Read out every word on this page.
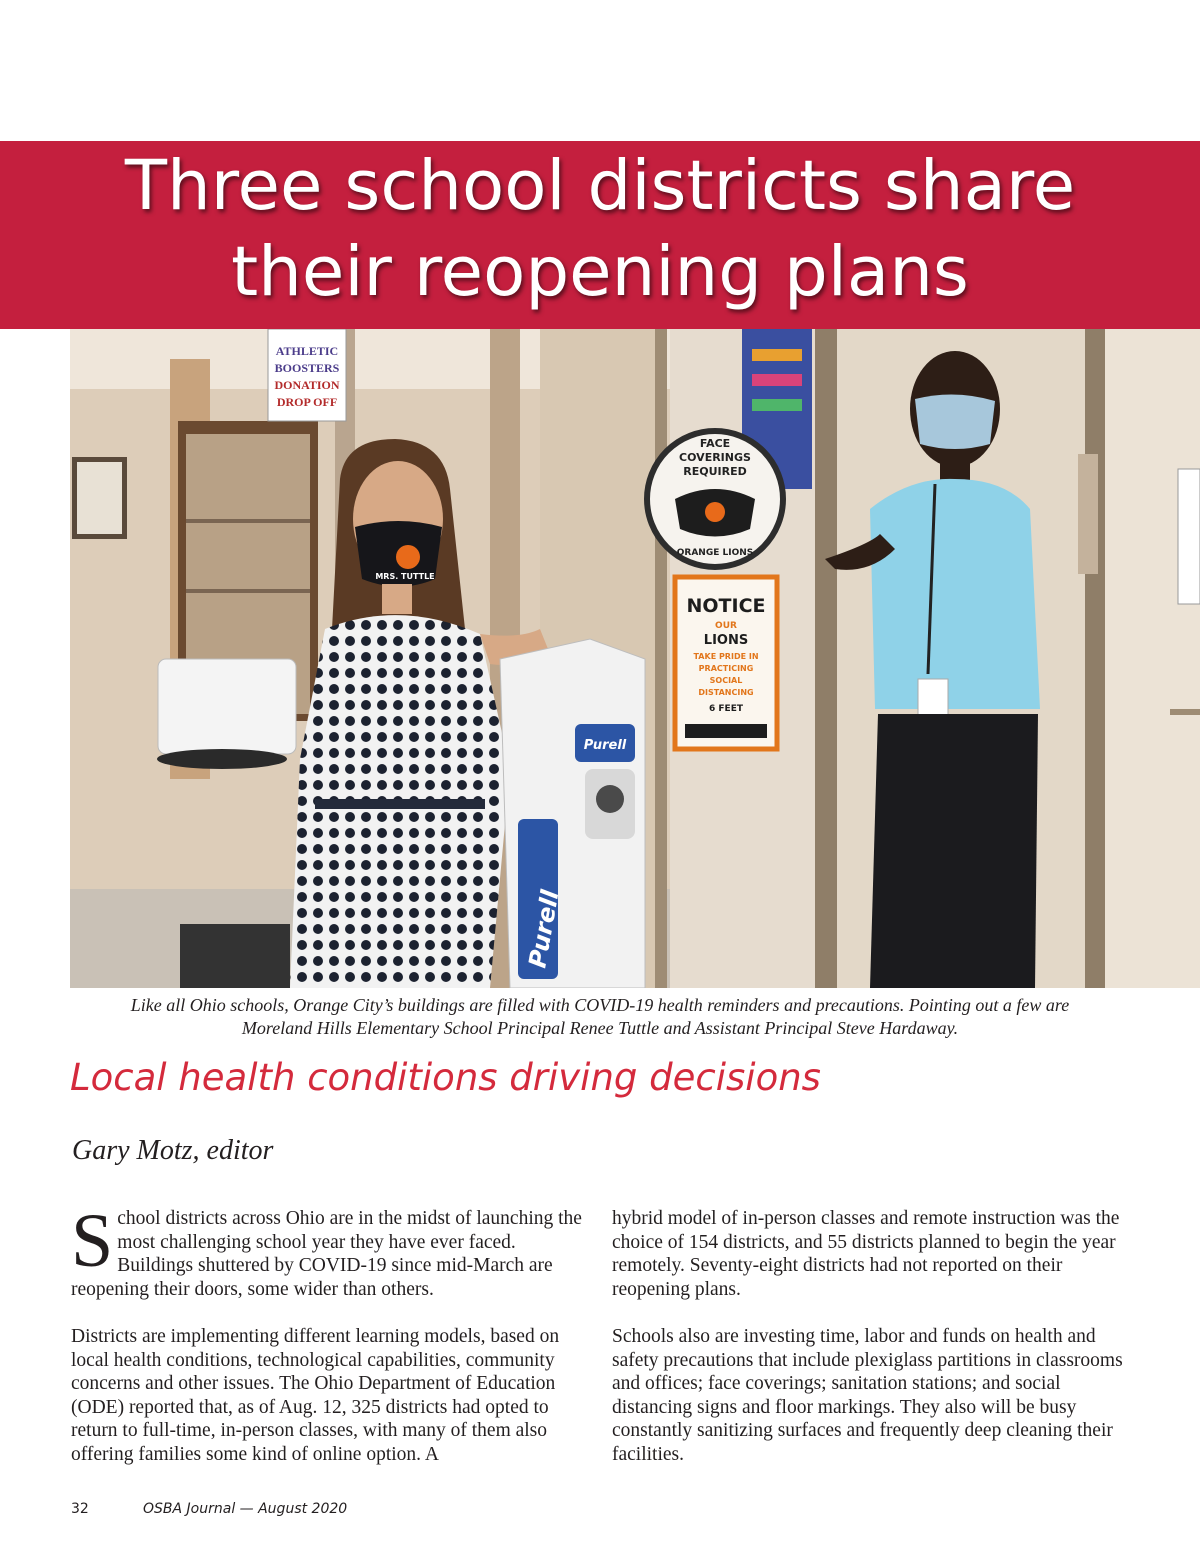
Three school districts share
their reopening plans
ATHLETIC
BOOSTERS
DONATION
DROP OFF
FACE
COVERINGS
REQUIRED
ORANGE LIONS
NOTICE
OUR
LIONS
TAKE PRIDE IN
PRACTICING
SOCIAL
DISTANCING
6 FEET
MRS. TUTTLE
Purell
Purell

Like all Ohio schools, Orange City’s buildings are filled with COVID-19 health reminders and precautions. Pointing out a few are
Moreland Hills Elementary School Principal Renee Tuttle and Assistant Principal Steve Hardaway.

Local health conditions driving decisions

Gary Motz, editor

School districts across Ohio are in the midst of launching the most challenging school year they have ever faced. Buildings shuttered by COVID-19 since mid-March are reopening their doors, some wider than others.

Districts are implementing different learning models, based on local health conditions, technological capabilities, community concerns and other issues. The Ohio Department of Education (ODE) reported that, as of Aug. 12, 325 districts had opted to return to full-time, in-person classes, with many of them also offering families some kind of online option. A

hybrid model of in-person classes and remote instruction was the choice of 154 districts, and 55 districts planned to begin the year remotely. Seventy-eight districts had not reported on their reopening plans.

Schools also are investing time, labor and funds on health and safety precautions that include plexiglass partitions in classrooms and offices; face coverings; sanitation stations; and social distancing signs and floor markings. They also will be busy constantly sanitizing surfaces and frequently deep cleaning their facilities.

32	OSBA Journal — August 2020
